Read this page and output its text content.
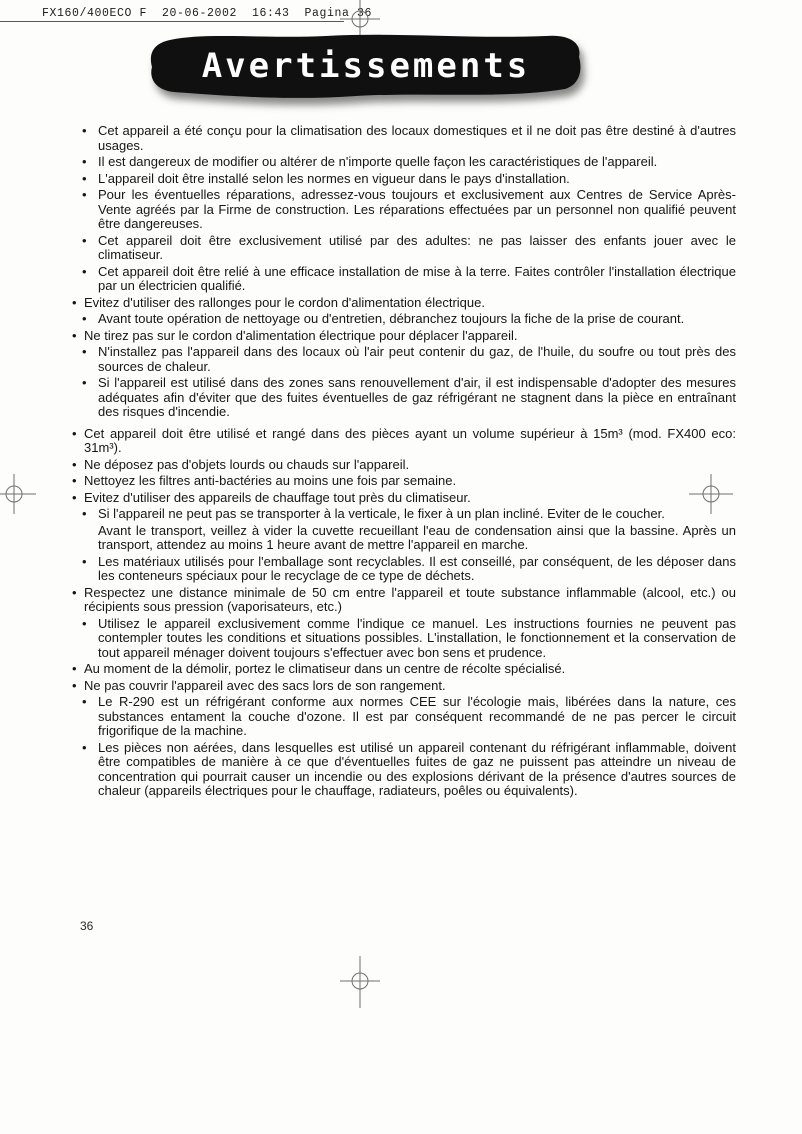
FX160/400ECO F  20-06-2002  16:43  Pagina 36
Avertissements
• Cet appareil a été conçu pour la climatisation des locaux domestiques et il ne doit pas être destiné à d'autres usages.
• Il est dangereux de modifier ou altérer de n'importe quelle façon les caractéristiques de l'appareil.
• L'appareil doit être installé selon les normes en vigueur dans le pays d'installation.
• Pour les éventuelles réparations, adressez-vous toujours et exclusivement aux Centres de Service Après-Vente agréés par la Firme de construction. Les réparations effectuées par un personnel non qualifié peuvent être dangereuses.
• Cet appareil doit être exclusivement utilisé par des adultes: ne pas laisser des enfants jouer avec le climatiseur.
• Cet appareil doit être relié à une efficace installation de mise à la terre. Faites contrôler l'installation électrique par un électricien qualifié.
• Evitez d'utiliser des rallonges pour le cordon d'alimentation électrique.
• Avant toute opération de nettoyage ou d'entretien, débranchez toujours la fiche de la prise de courant.
• Ne tirez pas sur le cordon d'alimentation électrique pour déplacer l'appareil.
• N'installez pas l'appareil dans des locaux où l'air peut contenir du gaz, de l'huile, du soufre ou tout près des sources de chaleur.
• Si l'appareil est utilisé dans des zones sans renouvellement d'air, il est indispensable d'adopter des mesures adéquates afin d'éviter que des fuites éventuelles de gaz réfrigérant ne stagnent dans la pièce en entraînant des risques d'incendie.
• Cet appareil doit être utilisé et rangé dans des pièces ayant un volume supérieur à 15m³ (mod. FX400 eco: 31m³).
• Ne déposez pas d'objets lourds ou chauds sur l'appareil.
• Nettoyez les filtres anti-bactéries au moins une fois par semaine.
• Evitez d'utiliser des appareils de chauffage tout près du climatiseur.
• Si l'appareil ne peut pas se transporter à la verticale, le fixer à un plan incliné. Eviter de le coucher.
Avant le transport, veillez à vider la cuvette recueillant l'eau de condensation ainsi que la bassine. Après un transport, attendez au moins 1 heure avant de mettre l'appareil en marche.
• Les matériaux utilisés pour l'emballage sont recyclables. Il est conseillé, par conséquent, de les déposer dans les conteneurs spéciaux pour le recyclage de ce type de déchets.
• Respectez une distance minimale de 50 cm entre l'appareil et toute substance inflammable (alcool, etc.) ou récipients sous pression (vaporisateurs, etc.)
• Utilisez le appareil exclusivement comme l'indique ce manuel. Les instructions fournies ne peuvent pas contempler toutes les conditions et situations possibles. L'installation, le fonctionnement et la conservation de tout appareil ménager doivent toujours s'effectuer avec bon sens et prudence.
• Au moment de la démolir, portez le climatiseur dans un centre de récolte spécialisé.
• Ne pas couvrir l'appareil avec des sacs lors de son rangement.
• Le R-290 est un réfrigérant conforme aux normes CEE sur l'écologie mais, libérées dans la nature, ces substances entament la couche d'ozone. Il est par conséquent recommandé de ne pas percer le circuit frigorifique de la machine.
• Les pièces non aérées, dans lesquelles est utilisé un appareil contenant du réfrigérant inflammable, doivent être compatibles de manière à ce que d'éventuelles fuites de gaz ne puissent pas atteindre un niveau de concentration qui pourrait causer un incendie ou des explosions dérivant de la présence d'autres sources de chaleur (appareils électriques pour le chauffage, radiateurs, poêles ou équivalents).
36
